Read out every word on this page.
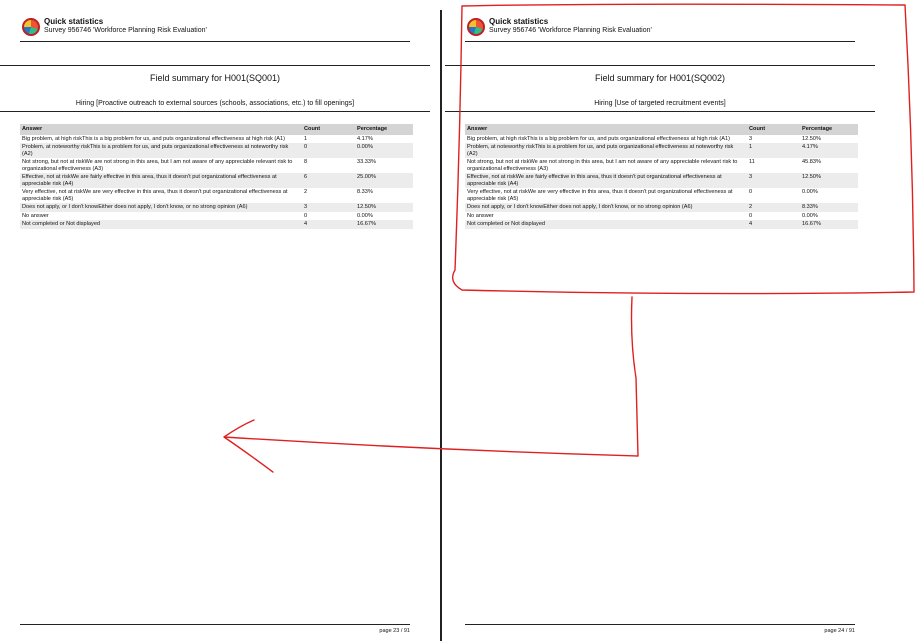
Quick statistics
Survey 956746 'Workforce Planning Risk Evaluation'
Field summary for H001(SQ001)
Hiring [Proactive outreach to external sources (schools, associations, etc.) to fill openings]
Answer	Count	Percentage
Big problem, at high riskThis is a big problem for us, and puts organizational effectiveness at high risk (A1)	1	4.17%
Problem, at noteworthy riskThis is a problem for us, and puts organizational effectiveness at noteworthy risk (A2)	0	0.00%
Not strong, but not at riskWe are not strong in this area, but I am not aware of any appreciable relevant risk to organizational effectiveness (A3)	8	33.33%
Effective, not at riskWe are fairly effective in this area, thus it doesn't put organizational effectiveness at appreciable risk (A4)	6	25.00%
Very effective, not at riskWe are very effective in this area, thus it doesn't put organizational effectiveness at appreciable risk (A5)	2	8.33%
Does not apply, or I don't knowEither does not apply, I don't know, or no strong opinion (A6)	3	12.50%
No answer	0	0.00%
Not completed or Not displayed	4	16.67%
page 23 / 91
Quick statistics
Survey 956746 'Workforce Planning Risk Evaluation'
Field summary for H001(SQ002)
Hiring [Use of targeted recruitment events]
Answer	Count	Percentage
Big problem, at high riskThis is a big problem for us, and puts organizational effectiveness at high risk (A1)	3	12.50%
Problem, at noteworthy riskThis is a problem for us, and puts organizational effectiveness at noteworthy risk (A2)	1	4.17%
Not strong, but not at riskWe are not strong in this area, but I am not aware of any appreciable relevant risk to organizational effectiveness (A3)	11	45.83%
Effective, not at riskWe are fairly effective in this area, thus it doesn't put organizational effectiveness at appreciable risk (A4)	3	12.50%
Very effective, not at riskWe are very effective in this area, thus it doesn't put organizational effectiveness at appreciable risk (A5)	0	0.00%
Does not apply, or I don't knowEither does not apply, I don't know, or no strong opinion (A6)	2	8.33%
No answer	0	0.00%
Not completed or Not displayed	4	16.67%
page 24 / 91
